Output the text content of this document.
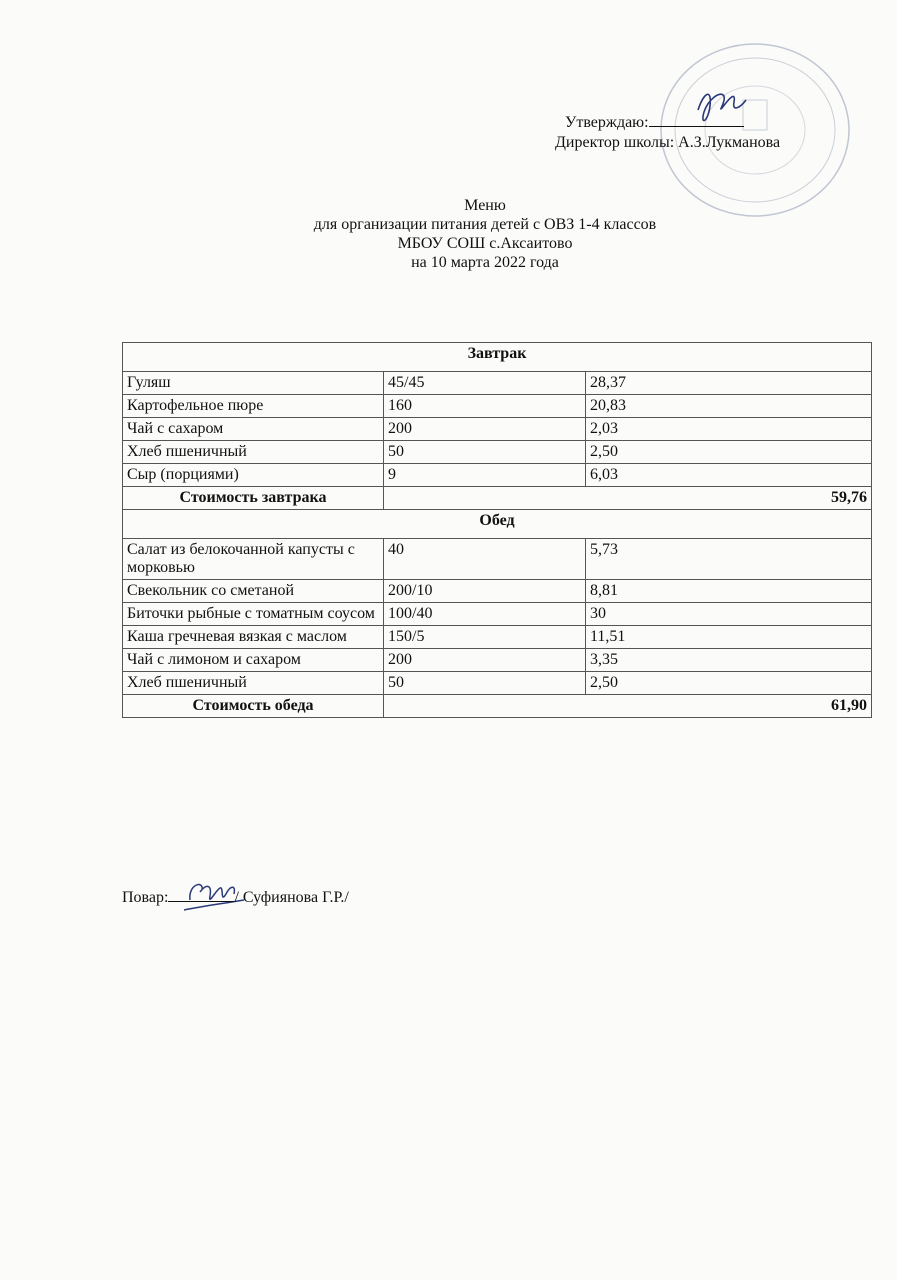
Утверждаю:
Директор школы: А.З.Лукманова
Меню
для организации питания детей с ОВЗ 1-4 классов
МБОУ СОШ с.Аксаитово
на 10 марта 2022 года
Завтрак		
Гуляш	45/45	28,37
Картофельное пюре	160	20,83
Чай с сахаром	200	2,03
Хлеб пшеничный	50	2,50
Сыр (порциями)	9	6,03
Стоимость завтрака	59,76	
Обед		
Салат из белокочанной капусты с морковью	40	5,73
Свекольник со сметаной	200/10	8,81
Биточки рыбные с томатным соусом	100/40	30
Каша гречневая вязкая с маслом	150/5	11,51
Чай с лимоном и сахаром	200	3,35
Хлеб пшеничный	50	2,50
Стоимость обеда	61,90	
Повар:	/ Суфиянова Г.Р./
